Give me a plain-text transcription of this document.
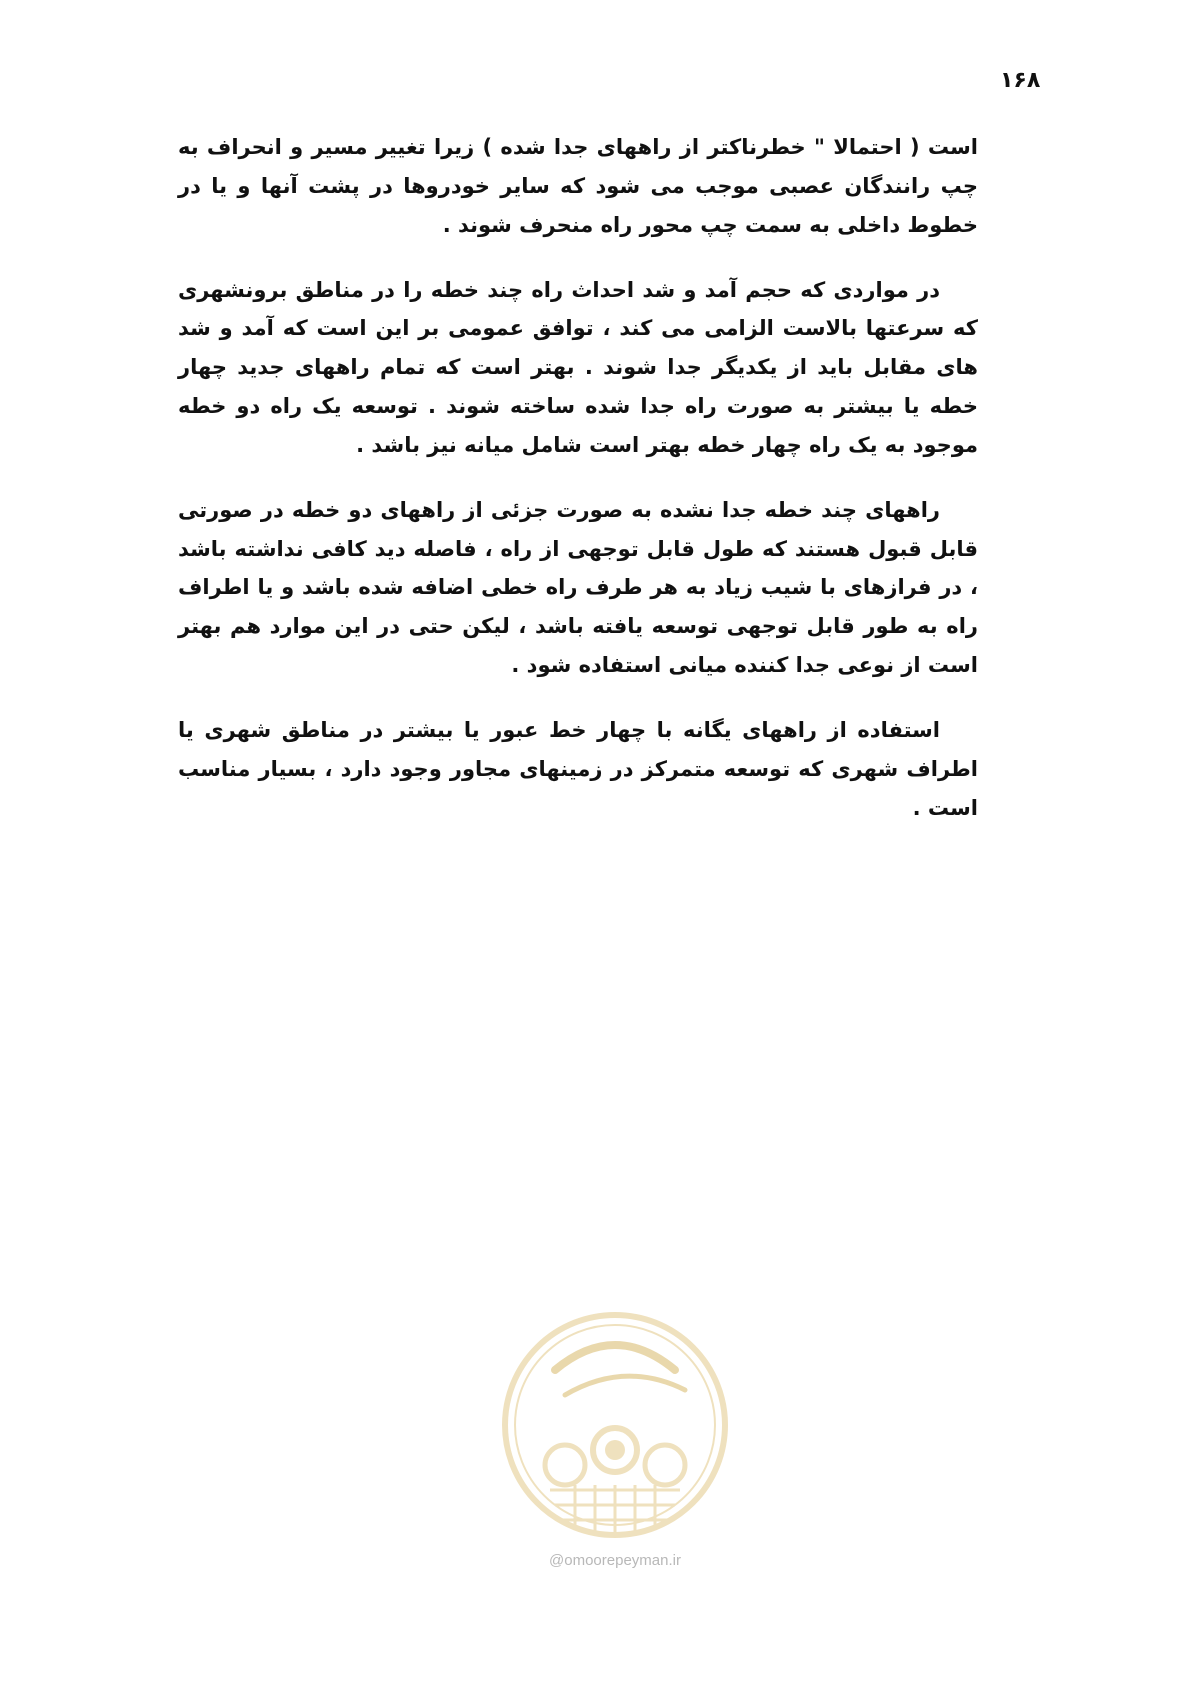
۱۶۸

است ( احتمالا " خطرناکتر از راههای جدا شده ) زیرا تغییر مسیر و انحراف به چپ رانندگان عصبی موجب می شود که سایر خودروها در پشت آنها و یا در خطوط داخلی به سمت چپ محور راه منحرف شوند .

در مواردی که حجم آمد و شد احداث راه چند خطه را در مناطق برونشهری که سرعتها بالاست الزامی می کند ، توافق عمومی بر این است که آمد و شد های مقابل باید از یکدیگر جدا شوند . بهتر است که تمام راههای جدید چهار خطه یا بیشتر به صورت راه جدا شده ساخته شوند . توسعه یک راه دو خطه موجود به یک راه چهار خطه بهتر است شامل میانه نیز باشد .

راههای چند خطه جدا نشده به صورت جزئی از راههای دو خطه در صورتی قابل قبول هستند که طول قابل توجهی از راه ، فاصله دید کافی نداشته باشد ، در فرازهای با شیب زیاد به هر طرف راه خطی اضافه شده باشد و یا اطراف راه به طور قابل توجهی توسعه یافته باشد ، لیکن حتی در این موارد هم بهتر است از نوعی جدا کننده میانی استفاده شود .

استفاده از راههای یگانه با چهار خط عبور یا بیشتر در مناطق شهری یا اطراف شهری که توسعه متمرکز در زمینهای مجاور وجود دارد ، بسیار مناسب است .

@omoorepeyman.ir
